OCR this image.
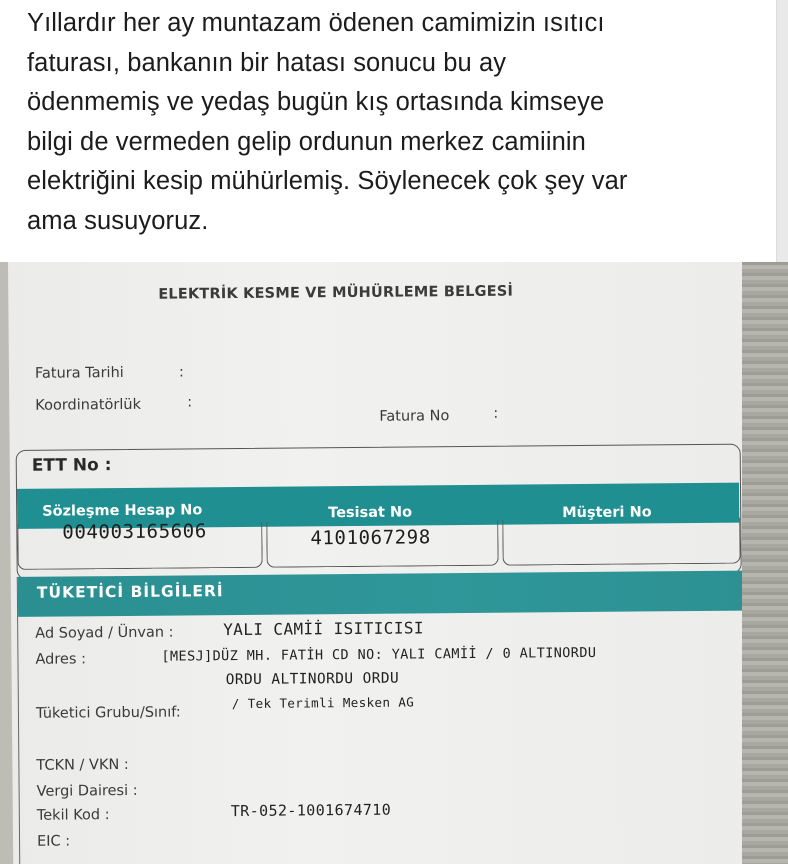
Yıllardır her ay muntazam ödenen camimizin ısıtıcı
faturası, bankanın bir hatası sonucu bu ay
ödenmemiş ve yedaş bugün kış ortasında kimseye
bilgi de vermeden gelip ordunun merkez camiinin
elektriğini kesip mühürlemiş. Söylenecek çok şey var
ama susuyoruz.
ELEKTRİK KESME VE MÜHÜRLEME BELGESİ
Fatura Tarihi	:
Koordinatörlük	:
Fatura No	:
ETT No :
Sözleşme Hesap No	Tesisat No	Müşteri No
004003165606	4101067298
TÜKETİCİ BİLGİLERİ
Ad Soyad / Ünvan :	YALI CAMİİ ISITICISI
Adres :	[MESJ]DÜZ MH. FATİH CD NO: YALI CAMİİ / 0 ALTINORDU
ORDU ALTINORDU ORDU
Tüketici Grubu/Sınıf:
/ Tek Terimli Mesken AG
TCKN / VKN :
Vergi Dairesi :
Tekil Kod :	TR-052-1001674710
EIC :
